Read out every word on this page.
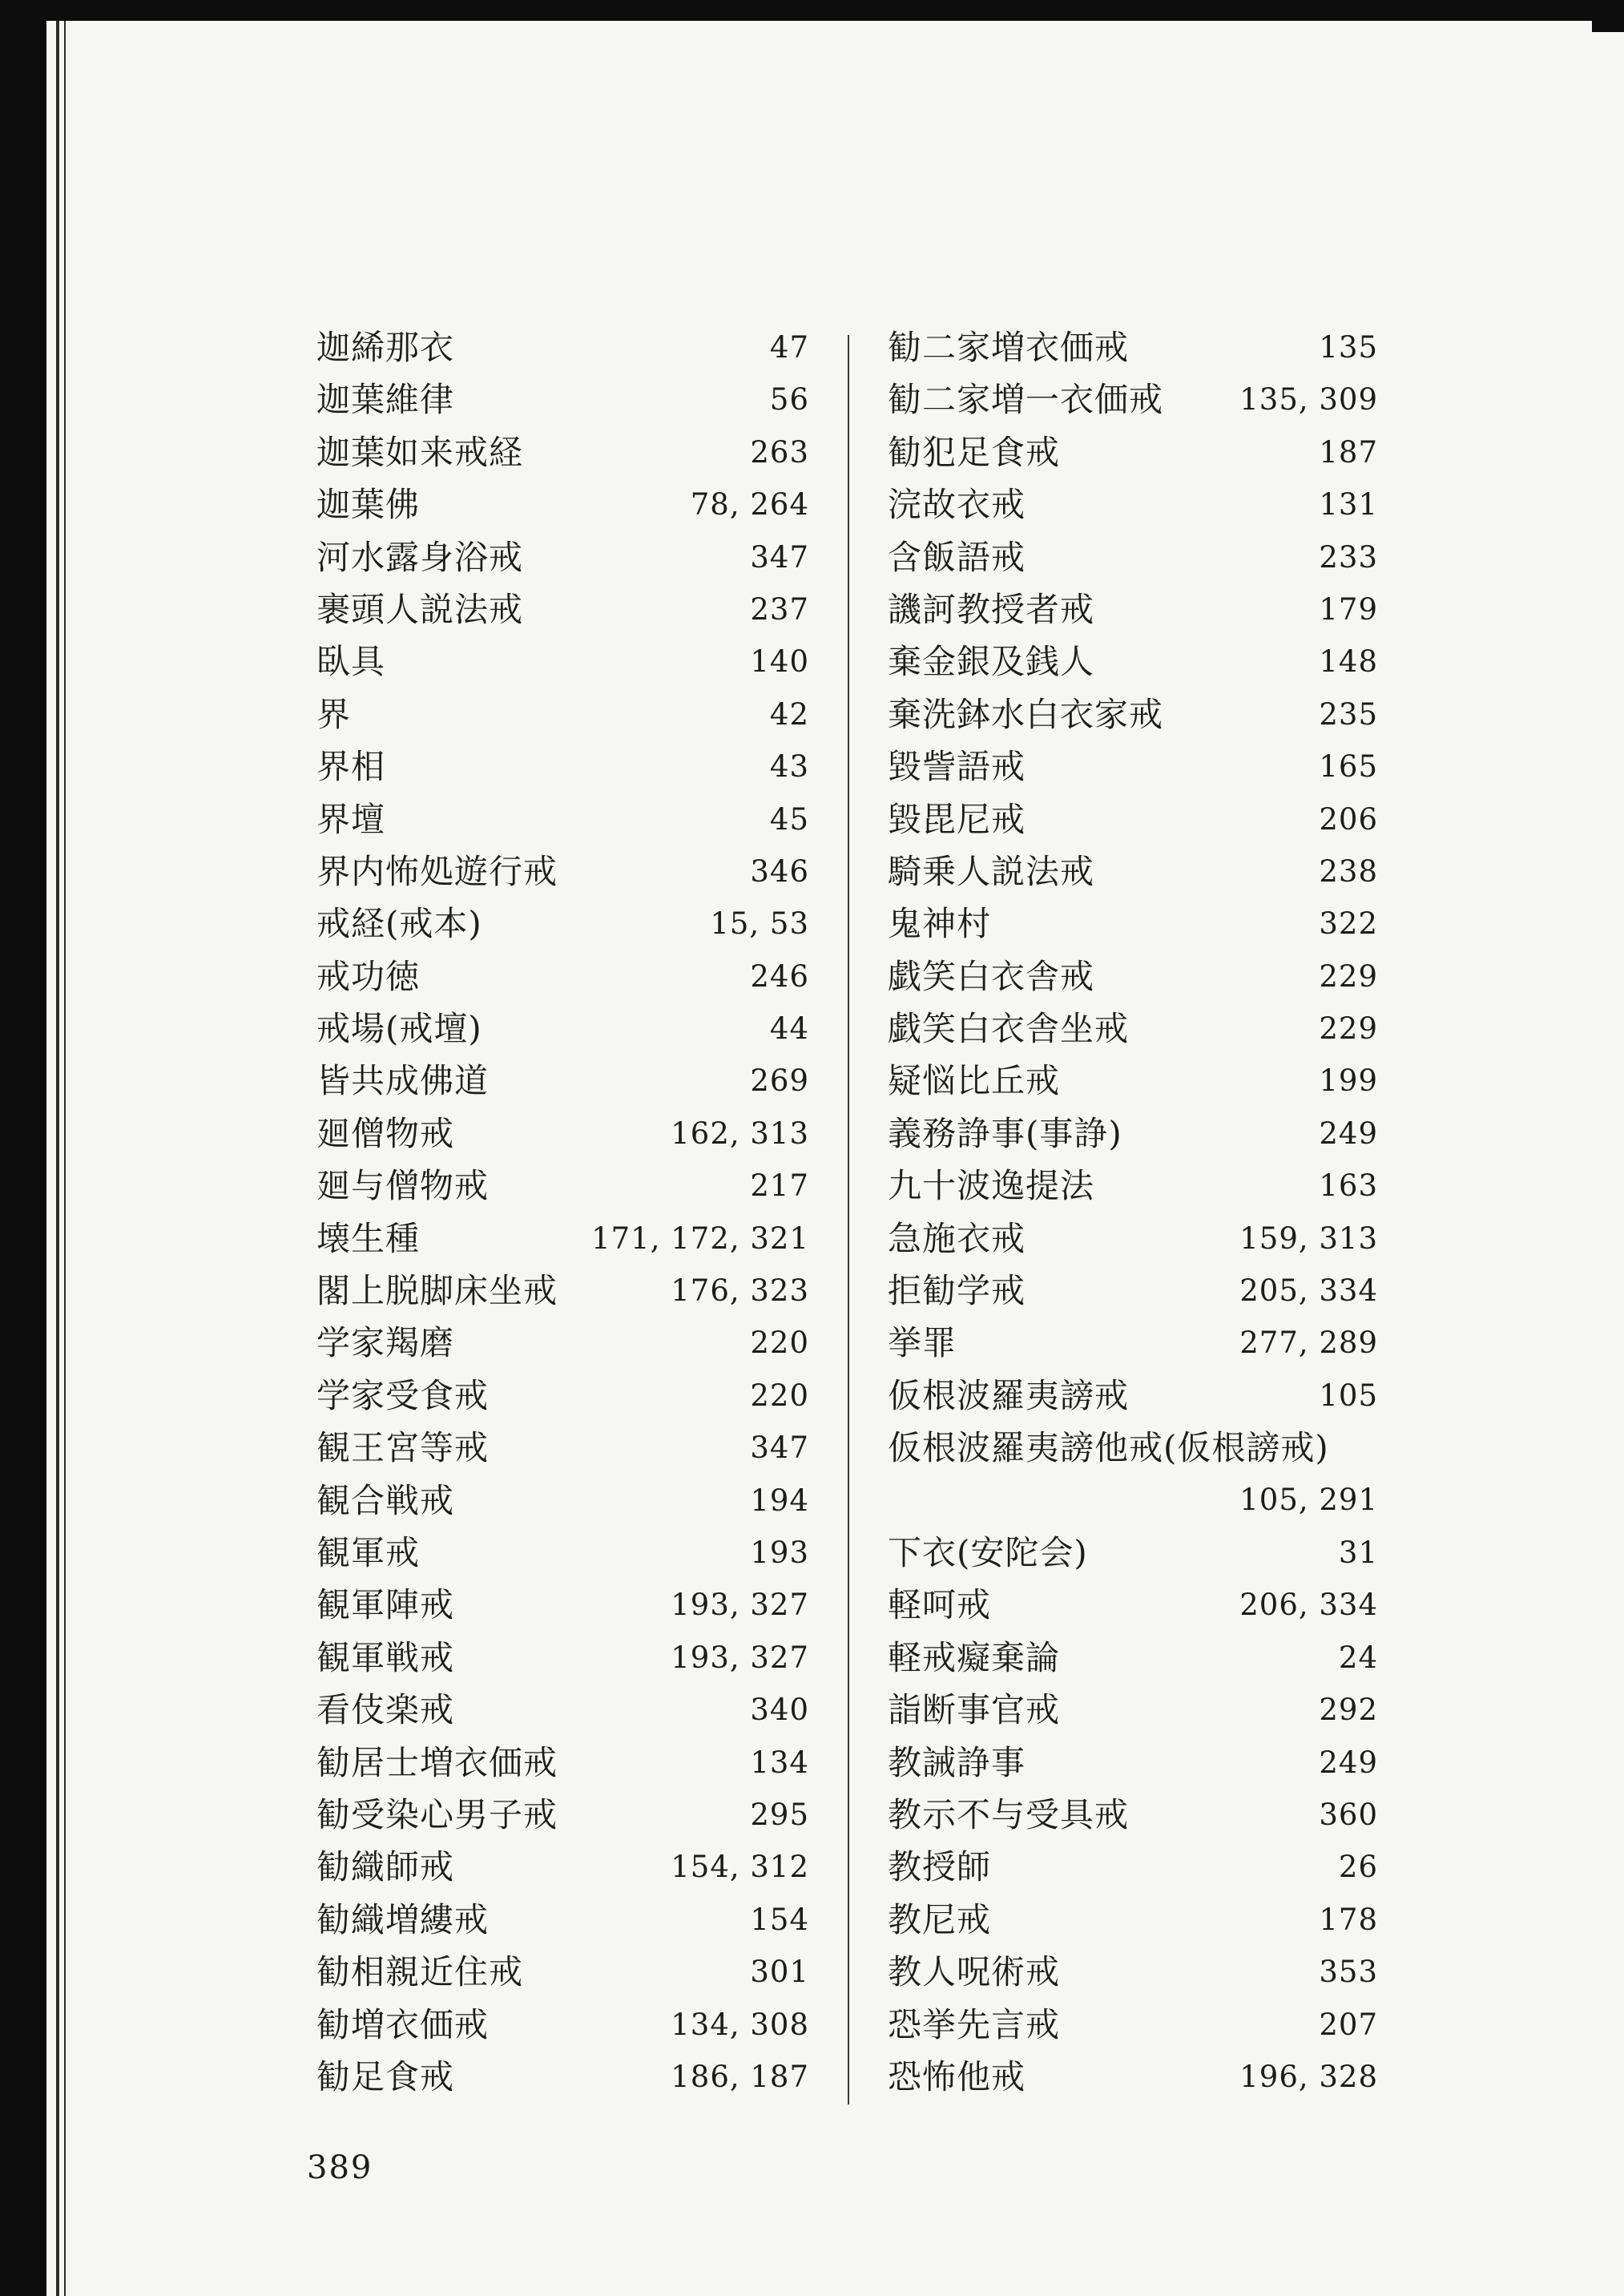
迦絺那衣	47
迦葉維律	56
迦葉如来戒経	263
迦葉佛	78, 264
河水露身浴戒	347
裹頭人説法戒	237
臥具	140
界	42
界相	43
界壇	45
界内怖処遊行戒	346
戒経(戒本)	15, 53
戒功徳	246
戒場(戒壇)	44
皆共成佛道	269
廻僧物戒	162, 313
廻与僧物戒	217
壊生種	171, 172, 321
閣上脱脚床坐戒	176, 323
学家羯磨	220
学家受食戒	220
観王宮等戒	347
観合戦戒	194
観軍戒	193
観軍陣戒	193, 327
観軍戦戒	193, 327
看伎楽戒	340
勧居士増衣価戒	134
勧受染心男子戒	295
勧織師戒	154, 312
勧織増縷戒	154
勧相親近住戒	301
勧増衣価戒	134, 308
勧足食戒	186, 187
勧二家増衣価戒	135
勧二家増一衣価戒	135, 309
勧犯足食戒	187
浣故衣戒	131
含飯語戒	233
譏訶教授者戒	179
棄金銀及銭人	148
棄洗鉢水白衣家戒	235
毀訾語戒	165
毀毘尼戒	206
騎乗人説法戒	238
鬼神村	322
戯笑白衣舎戒	229
戯笑白衣舎坐戒	229
疑悩比丘戒	199
義務諍事(事諍)	249
九十波逸提法	163
急施衣戒	159, 313
拒勧学戒	205, 334
挙罪	277, 289
仮根波羅夷謗戒	105
仮根波羅夷謗他戒(仮根謗戒)
105, 291
下衣(安陀会)	31
軽呵戒	206, 334
軽戒癡棄論	24
詣断事官戒	292
教誡諍事	249
教示不与受具戒	360
教授師	26
教尼戒	178
教人呪術戒	353
恐挙先言戒	207
恐怖他戒	196, 328
389
